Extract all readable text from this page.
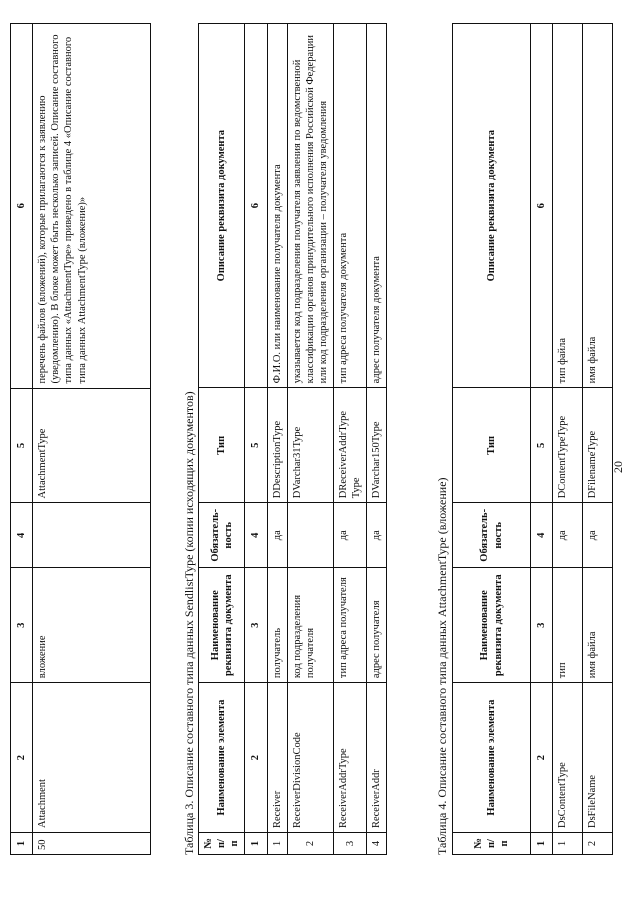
20
1	2	3	4	5	6
50	Attachment	вложение		AttachmentType	перечень файлов (вложений), которые прилагаются к заявлению (уведомлению). В блоке может быть несколько записей. Описание составного типа данных «AttachmentType» приведено в таблице 4 «Описание составного типа данных AttachmentType (вложение)»
Таблица 3. Описание составного типа данных SendlistType (копии исходящих документов) № п/п	Наименование элемента	Наименование реквизита документа	Обязатель-ность	Тип	Описание реквизита документа
1	2	3	4	5	6
1	Receiver	получатель	да	DDescriptionType	Ф.И.О. или наименование получателя документа
2	ReceiverDivisionCode	код подразделения получателя		DVarchar31Type	указывается код подразделения получателя заявления по ведомственной классификации органов принудительного исполнения Российской Федерации или код подразделения организации – получателя уведомления
3	ReceiverAddrType	тип адреса получателя	да	DReceiverAddrType Type	тип адреса получателя документа
4	ReceiverAddr	адрес получателя	да	DVarchar150Type	адрес получателя документа
Таблица 4. Описание составного типа данных AttachmentType (вложение) № п/п	Наименование элемента	Наименование реквизита документа	Обязатель-ность	Тип	Описание реквизита документа
1	2	3	4	5	6
1	DsContentType	тип	да	DContentTypeType	тип файла
2	DsFileName	имя файла	да	DFilenameType	имя файла
